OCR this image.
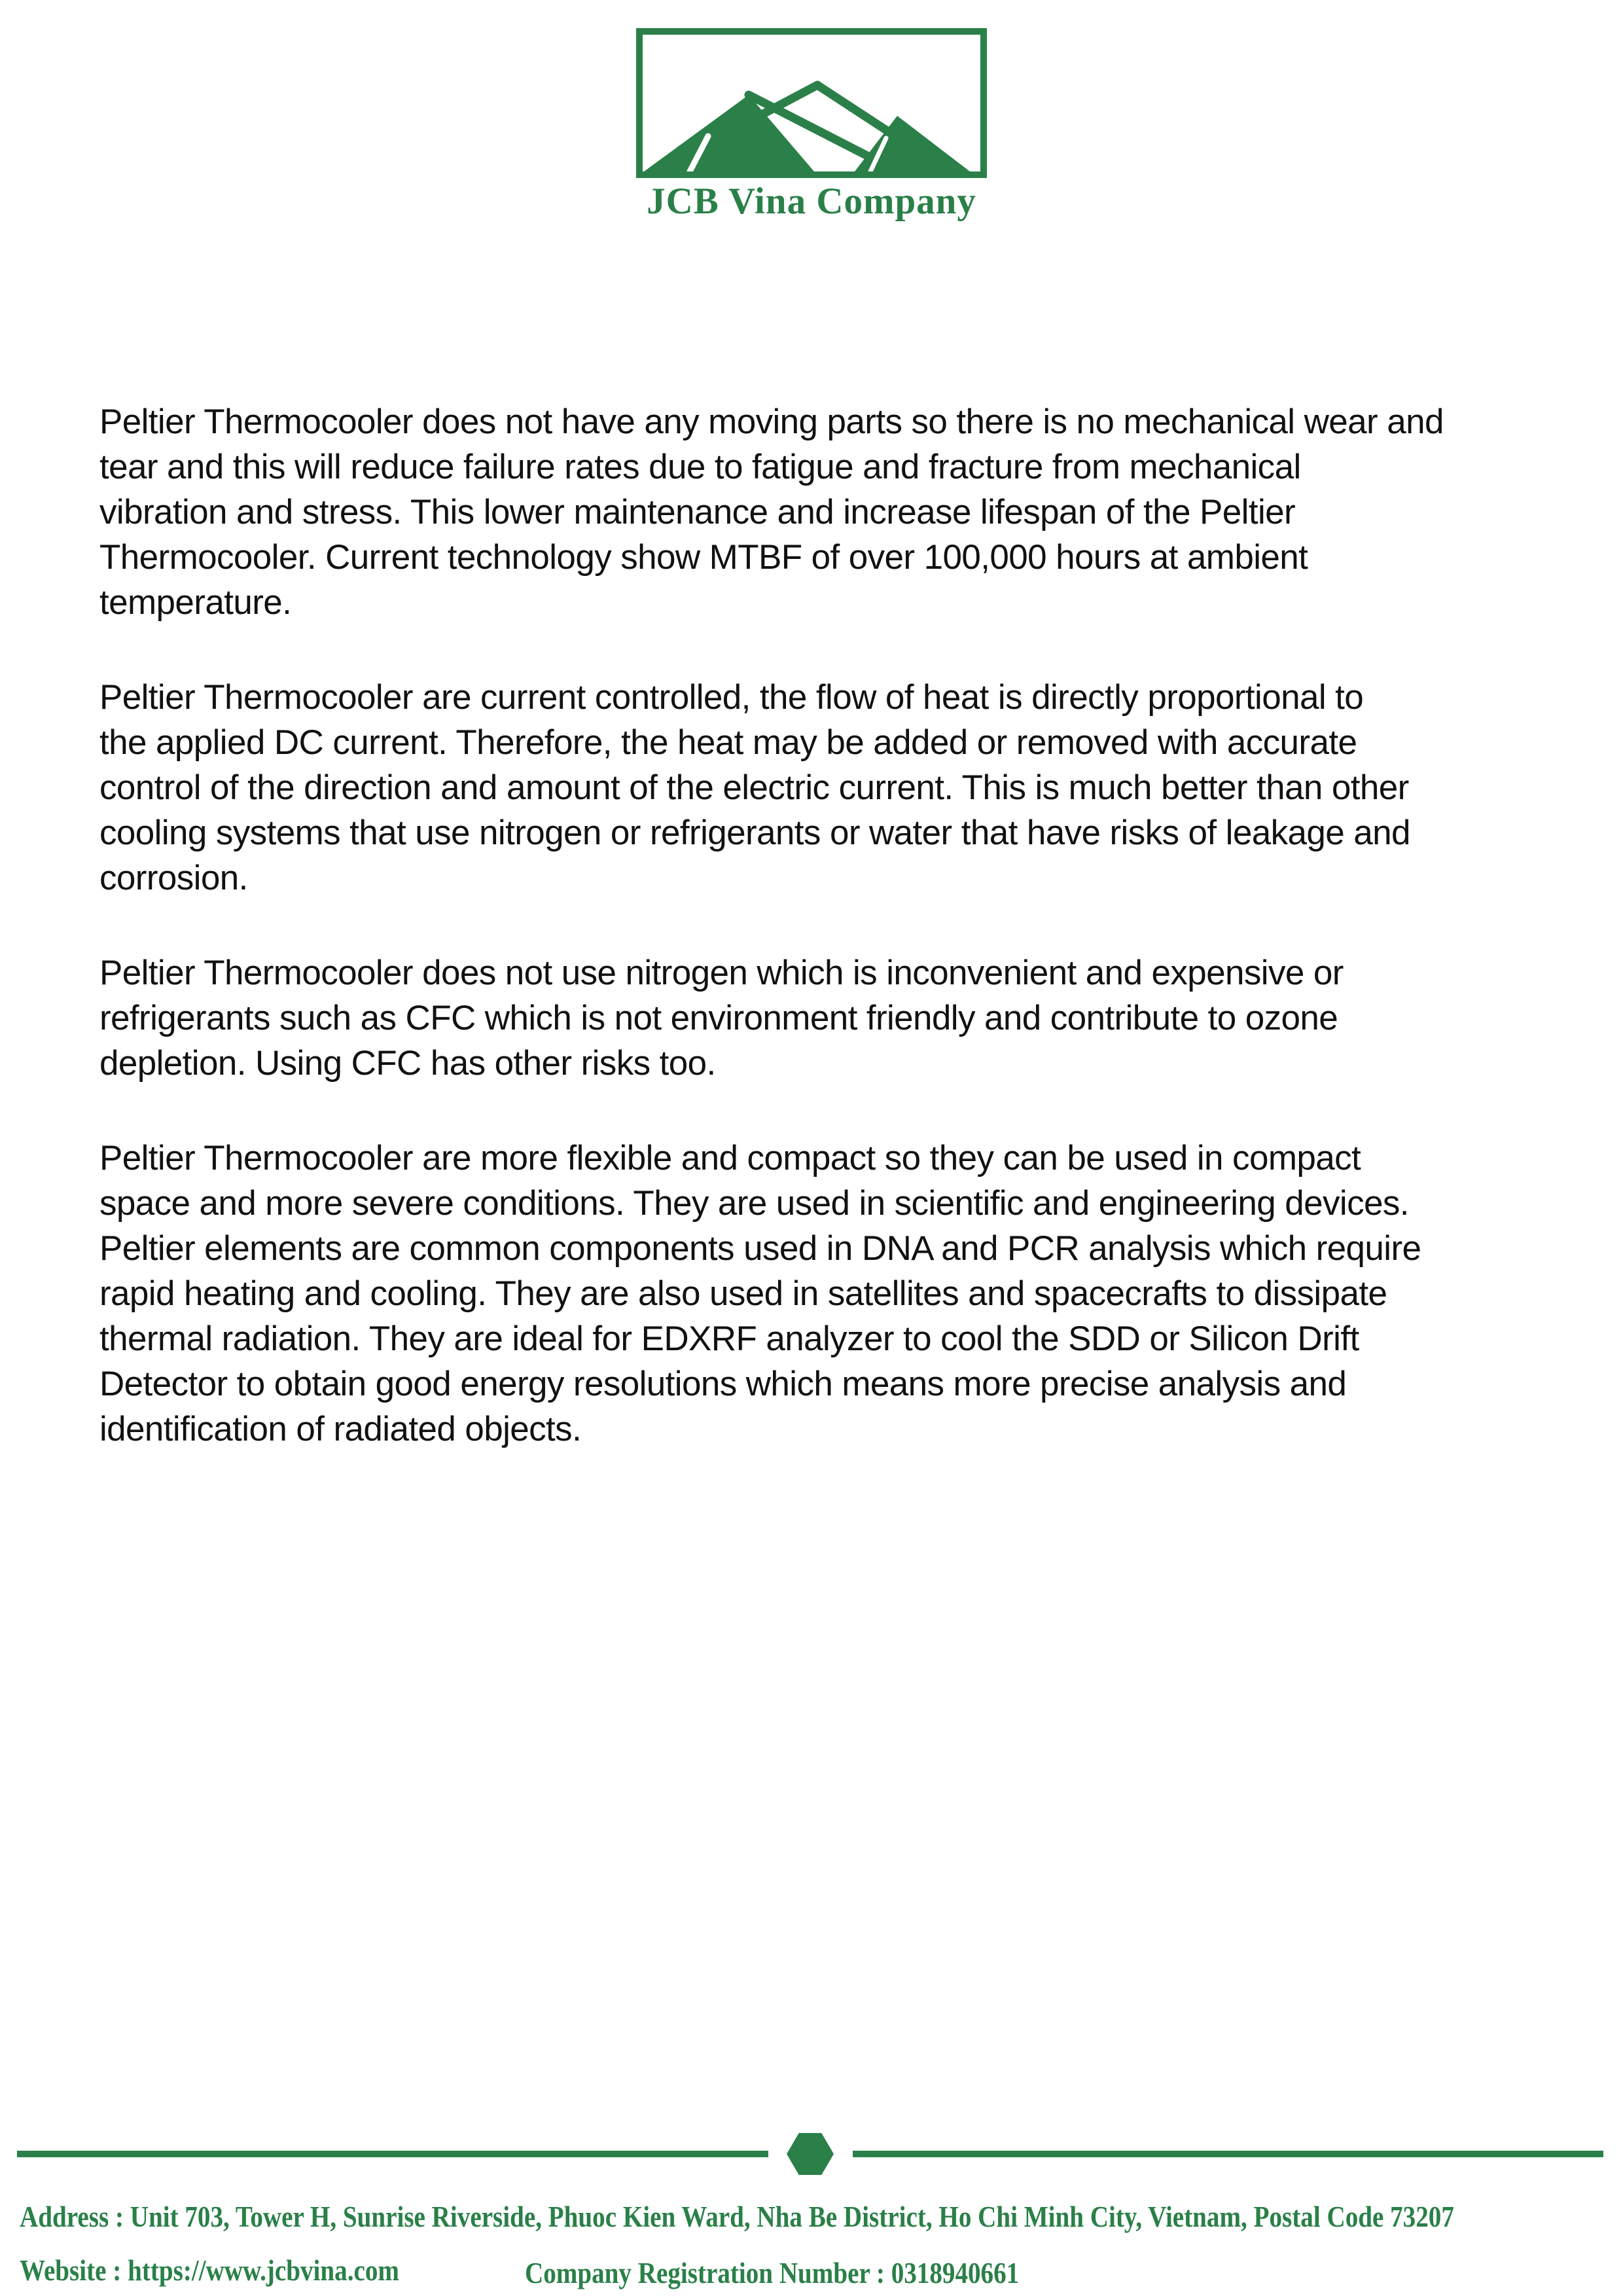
JCB Vina Company
Peltier Thermocooler does not have any moving parts so there is no mechanical wear and
tear and this will reduce failure rates due to fatigue and fracture from mechanical
vibration and stress. This lower maintenance and increase lifespan of the Peltier
Thermocooler. Current technology show MTBF of over 100,000 hours at ambient
temperature.
Peltier Thermocooler are current controlled, the flow of heat is directly proportional to
the applied DC current. Therefore, the heat may be added or removed with accurate
control of the direction and amount of the electric current. This is much better than other
cooling systems that use nitrogen or refrigerants or water that have risks of leakage and
corrosion.
Peltier Thermocooler does not use nitrogen which is inconvenient and expensive or
refrigerants such as CFC which is not environment friendly and contribute to ozone
depletion. Using CFC has other risks too.
Peltier Thermocooler are more flexible and compact so they can be used in compact
space and more severe conditions. They are used in scientific and engineering devices.
Peltier elements are common components used in DNA and PCR analysis which require
rapid heating and cooling. They are also used in satellites and spacecrafts to dissipate
thermal radiation. They are ideal for EDXRF analyzer to cool the SDD or Silicon Drift
Detector to obtain good energy resolutions which means more precise analysis and
identification of radiated objects.
Address : Unit 703, Tower H, Sunrise Riverside, Phuoc Kien Ward, Nha Be District, Ho Chi Minh City, Vietnam, Postal Code 73207
Website : https://www.jcbvina.com	Company Registration Number : 0318940661
